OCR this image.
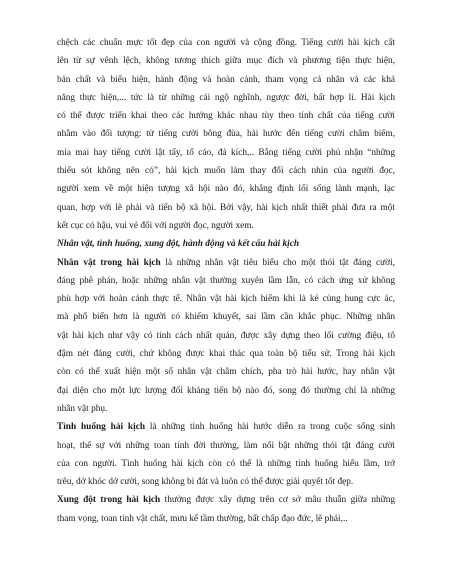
chệch các chuẩn mực tốt đẹp của con người và cộng đồng. Tiếng cười hài kịch cất
lên từ sự vênh lệch, không tương thích giữa mục đích và phương tiện thực hiện,
bản chất và biểu hiện, hành động và hoàn cảnh, tham vọng cá nhân và các khả
năng thực hiện,... tức là từ những cái ngộ nghĩnh, ngược đời, bất hợp lí. Hài kịch
có thể được triển khai theo các hướng khác nhau tùy theo tính chất của tiếng cười
nhằm vào đối tượng: từ tiếng cười bông đùa, hài hước đến tiếng cười châm biếm,
mỉa mai hay tiếng cười lật tẩy, tố cáo, đả kích,.. Bằng tiếng cười phủ nhận “những
thiếu sót không nên có”, hài kịch muốn làm thay đổi cách nhìn của người đọc,
người xem về một hiện tượng xã hội nào đó, khẳng định lối sống lành mạnh, lạc
quan, hợp với lẽ phải và tiến bộ xã hội. Bởi vậy, hài kịch nhất thiết phải đưa ra một
kết cục có hậu, vui vẻ đối với người đọc, người xem.
Nhân vật, tình huống, xung đột, hành động và kết cấu hài kịch
Nhân vật trong hài kịch là những nhân vật tiêu biểu cho một thói tật đáng cười,
đáng phê phán, hoặc những nhân vật thường xuyên lầm lẫn, có cách ứng xử không
phù hợp với hoàn cảnh thực tế. Nhân vật hài kịch hiếm khi là kẻ cùng hung cực ác,
mà phổ biến hơn là người có khiếm khuyết, sai lầm cần khắc phục. Những nhân
vật hài kịch như vậy có tính cách nhất quán, được xây dựng theo lối cường điệu, tô
đậm nét đáng cười, chứ không được khai thác qua toàn bộ tiểu sử. Trong hài kịch
còn có thể xuất hiện một số nhân vật châm chích, pha trò hài hước, hay nhân vật
đại diện cho một lực lượng đối kháng tiến bộ nào đó, song đó thường chỉ là những
nhân vật phụ.
Tình huống hài kịch là những tình huống hài hước diễn ra trong cuộc sống sinh
hoạt, thế sự với những toan tính đời thường, làm nổi bật những thói tật đáng cười
của con người. Tình huống hài kịch còn có thể là những tình huống hiểu lầm, trớ
trêu, dở khóc dở cười, song không bi đát và luôn có thể được giải quyết tốt đẹp.
Xung đột trong hài kịch thường được xây dựng trên cơ sở mâu thuẫn giữa những
tham vọng, toan tính vật chất, mưu kế tầm thường, bất chấp đạo đức, lẽ phải,..
